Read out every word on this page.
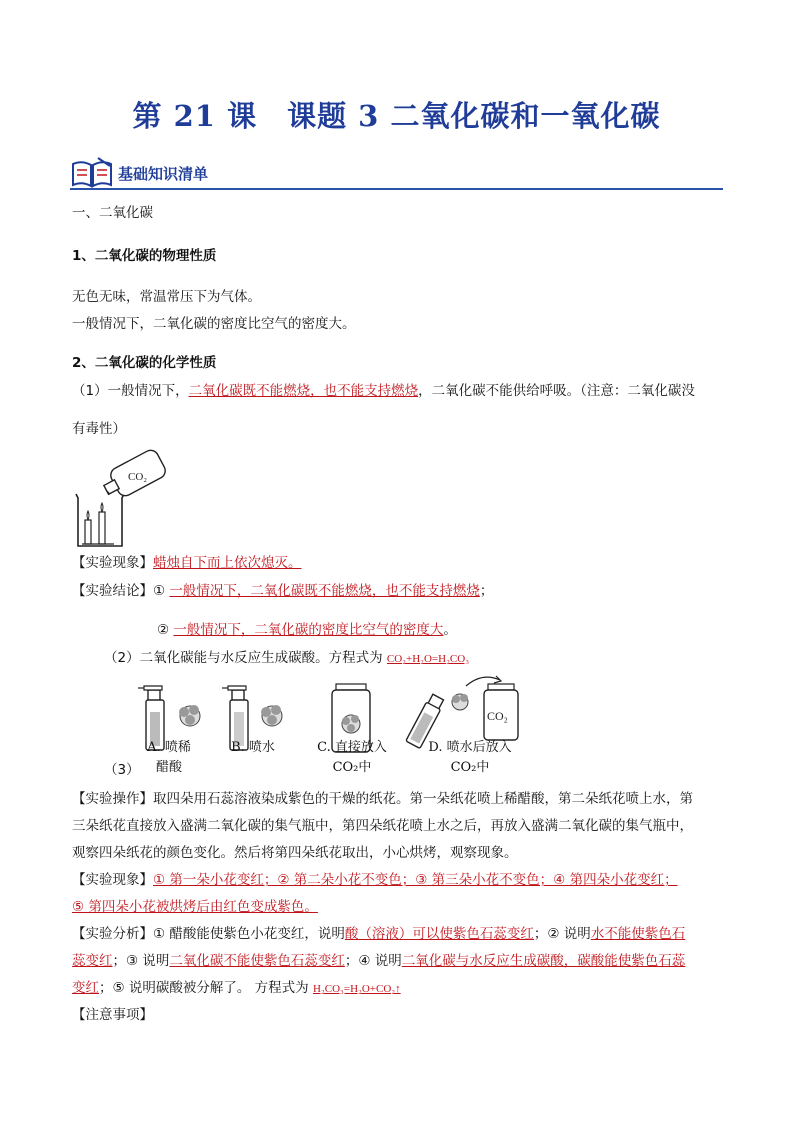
第 21 课　课题 3 二氧化碳和一氧化碳
基础知识清单
一、二氧化碳
1、二氧化碳的物理性质
无色无味，常温常压下为气体。
一般情况下，二氧化碳的密度比空气的密度大。
2、二氧化碳的化学性质
（1）一般情况下，二氧化碳既不能燃烧，也不能支持燃烧，二氧化碳不能供给呼吸。（注意：二氧化碳没
有毒性）
CO₂
【实验现象】蜡烛自下而上依次熄灭。
【实验结论】① 一般情况下，二氧化碳既不能燃烧，也不能支持燃烧；
② 一般情况下，二氧化碳的密度比空气的密度大。
（2）二氧化碳能与水反应生成碳酸。方程式为 CO₂+H₂O=H₂CO₃
CO₂
（3）
A. 喷稀
醋酸
B. 喷水	C. 直接放入
CO₂中
D. 喷水后放入
CO₂中
【实验操作】取四朵用石蕊溶液染成紫色的干燥的纸花。第一朵纸花喷上稀醋酸，第二朵纸花喷上水，第
三朵纸花直接放入盛满二氧化碳的集气瓶中，第四朵纸花喷上水之后，再放入盛满二氧化碳的集气瓶中，
观察四朵纸花的颜色变化。然后将第四朵纸花取出，小心烘烤，观察现象。
【实验现象】① 第一朵小花变红；② 第二朵小花不变色；③ 第三朵小花不变色；④ 第四朵小花变红；
⑤ 第四朵小花被烘烤后由红色变成紫色。
【实验分析】① 醋酸能使紫色小花变红，说明酸（溶液）可以使紫色石蕊变红；② 说明水不能使紫色石
蕊变红；③ 说明二氧化碳不能使紫色石蕊变红；④ 说明二氧化碳与水反应生成碳酸，碳酸能使紫色石蕊
变红；⑤ 说明碳酸被分解了。 方程式为 H₂CO₃=H₂O+CO₂↑
【注意事项】
